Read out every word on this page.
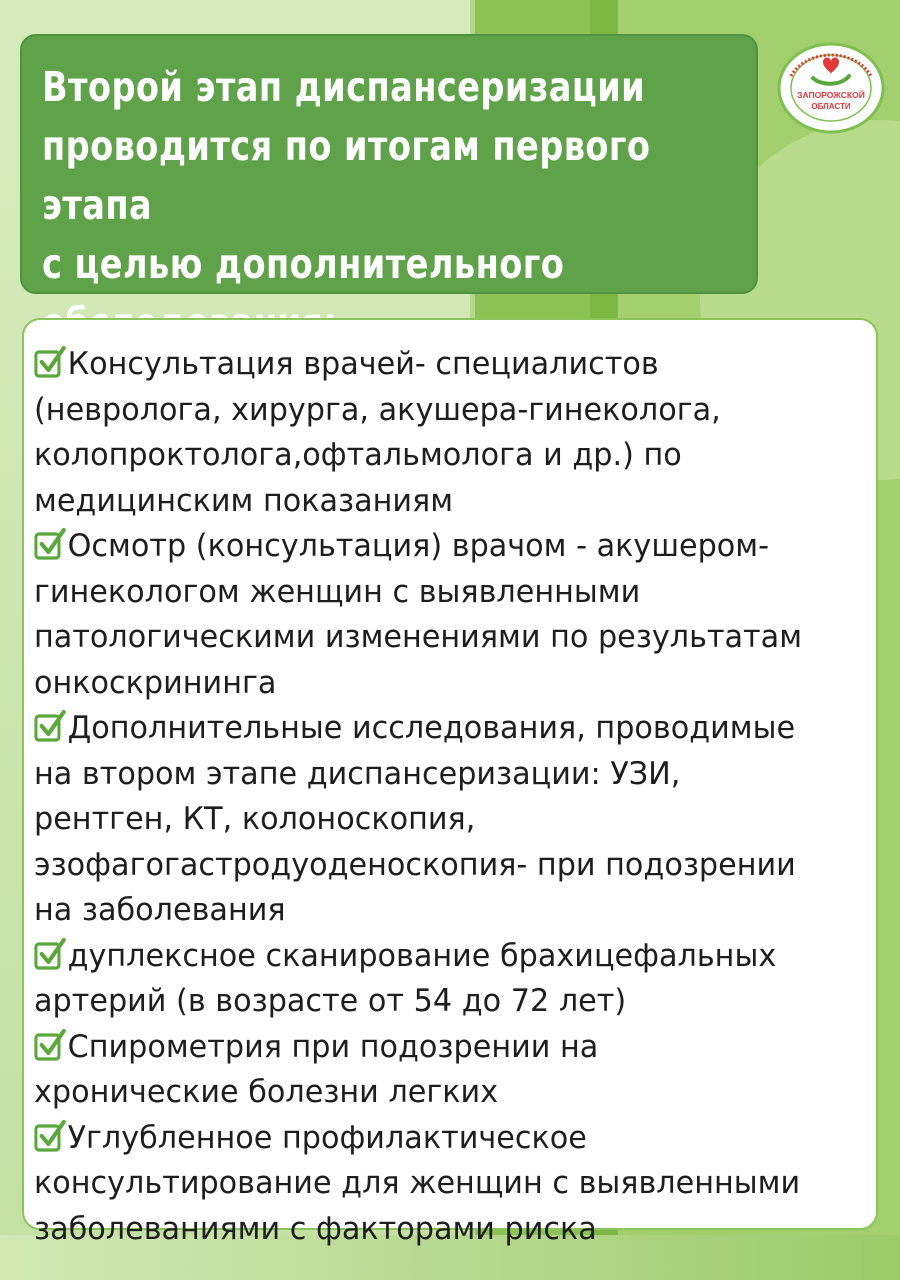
Второй этап диспансеризации
проводится по итогам первого этапа
с целью дополнительного

ЗАПОРОЖСКОЙ
ОБЛАСТИ
Консультация врачей- специалистов
(невролога, хирурга, акушера-гинеколога,
колопроктолога,офтальмолога и др.) по
медицинским показаниям
Осмотр (консультация) врачом - акушером-
гинекологом женщин с выявленными
патологическими изменениями по результатам
онкоскрининга
Дополнительные исследования, проводимые
на втором этапе диспансеризации: УЗИ,
рентген, КТ, колоноскопия,
эзофагогастродуоденоскопия- при подозрении
на заболевания
дуплексное сканирование брахицефальных
артерий (в возрасте от 54 до 72 лет)
Спирометрия при подозрении на
хронические болезни легких
Углубленное профилактическое
консультирование для женщин с выявленными
заболеваниями с факторами риска
